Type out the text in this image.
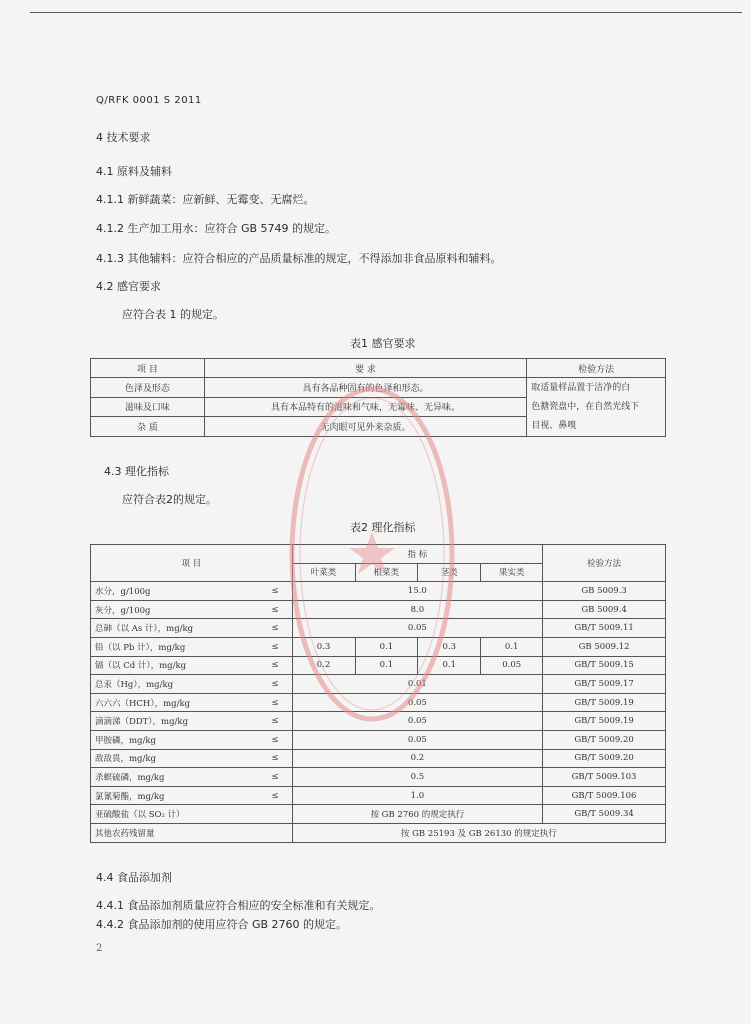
Q/RFK 0001 S 2011
4 技术要求
4.1 原料及辅料
4.1.1 新鲜蔬菜：应新鲜、无霉变、无腐烂。
4.1.2 生产加工用水：应符合 GB 5749 的规定。
4.1.3 其他辅料：应符合相应的产品质量标准的规定，不得添加非食品原料和辅料。
4.2 感官要求
应符合表 1 的规定。
表1 感官要求
项 目	要 求	检验方法
色泽及形态	具有各品种固有的色泽和形态。	取适量样品置于洁净的白
色搪瓷盘中，在自然光线下
目视、鼻嗅

滋味及口味	具有本品特有的滋味和气味，无霉味、无异味。	
杂 质	无肉眼可见外来杂质。	
4.3 理化指标
应符合表2的规定。
表2 理化指标
项 目		指 标				检验方法
		叶菜类	根菜类	茎类	果实类	
水分，g/100g	≤	15.0				GB 5009.3
灰分，g/100g	≤	8.0				GB 5009.4
总砷（以 As 计），mg/kg	≤	0.05				GB/T 5009.11
铅（以 Pb 计），mg/kg	≤	0.3	0.1	0.3	0.1	GB 5009.12
镉（以 Cd 计），mg/kg	≤	0.2	0.1	0.1	0.05	GB/T 5009.15
总汞（Hg），mg/kg	≤	0.01				GB/T 5009.17
六六六（HCH），mg/kg	≤	0.05				GB/T 5009.19
滴滴涕（DDT），mg/kg	≤	0.05				GB/T 5009.19
甲胺磷，mg/kg	≤	0.05				GB/T 5009.20
敌敌畏，mg/kg	≤	0.2				GB/T 5009.20
杀螟硫磷，mg/kg	≤	0.5				GB/T 5009.103
氯氰菊酯，mg/kg	≤	1.0				GB/T 5009.106
亚硫酸盐（以 SO₂ 计）		按 GB 2760 的规定执行				GB/T 5009.34
其他农药残留量		按 GB 25193 及 GB 26130 的规定执行				
4.4 食品添加剂
4.4.1 食品添加剂质量应符合相应的安全标准和有关规定。
4.4.2 食品添加剂的使用应符合 GB 2760 的规定。
2
